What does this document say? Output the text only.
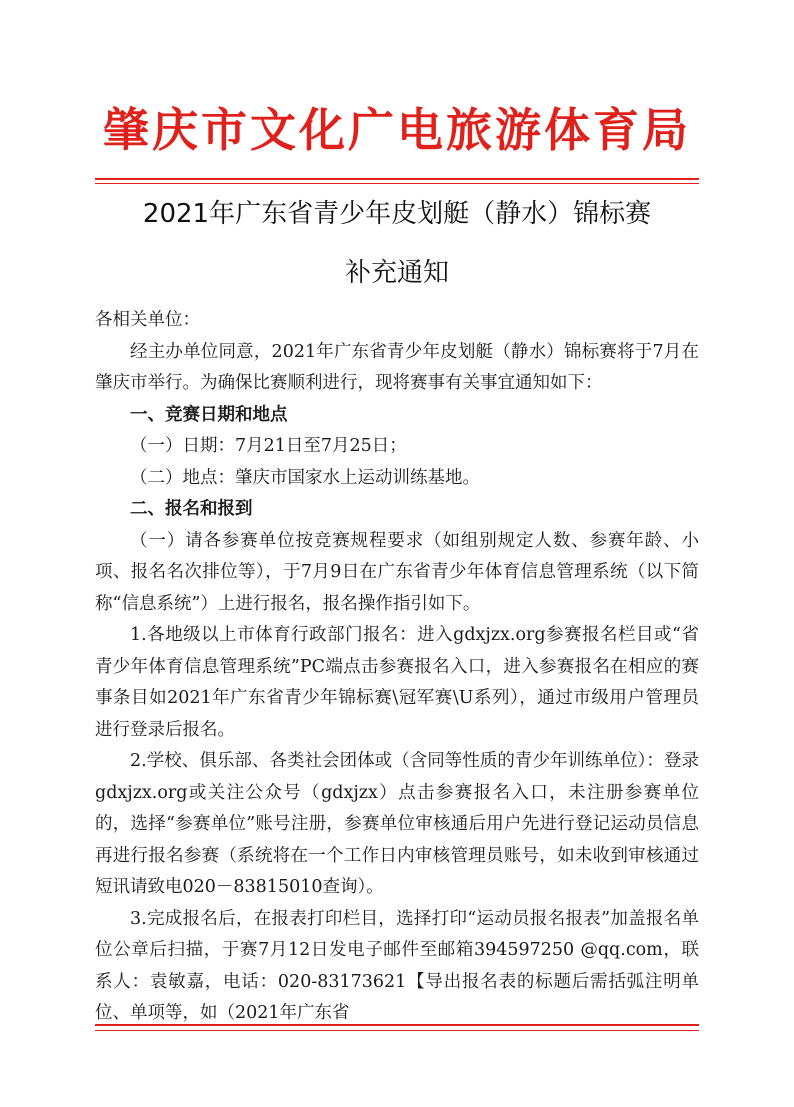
肇庆市文化广电旅游体育局
2021年广东省青少年皮划艇（静水）锦标赛
补充通知

各相关单位：

经主办单位同意，2021年广东省青少年皮划艇（静水）锦标赛将于7月在肇庆市举行。为确保比赛顺利进行，现将赛事有关事宜通知如下：

一、竞赛日期和地点

（一）日期：7月21日至7月25日；

（二）地点：肇庆市国家水上运动训练基地。

二、报名和报到

（一）请各参赛单位按竞赛规程要求（如组别规定人数、参赛年龄、小项、报名名次排位等），于7月9日在广东省青少年体育信息管理系统（以下简称“信息系统”）上进行报名，报名操作指引如下。

1.各地级以上市体育行政部门报名：进入gdxjzx.org参赛报名栏目或“省青少年体育信息管理系统”PC端点击参赛报名入口，进入参赛报名在相应的赛事条目如2021年广东省青少年锦标赛\冠军赛\U系列），通过市级用户管理员进行登录后报名。

2.学校、俱乐部、各类社会团体或（含同等性质的青少年训练单位）：登录gdxjzx.org或关注公众号（gdxjzx）点击参赛报名入口，未注册参赛单位的，选择“参赛单位”账号注册，参赛单位审核通后用户先进行登记运动员信息再进行报名参赛（系统将在一个工作日内审核管理员账号，如未收到审核通过短讯请致电020－83815010查询）。

3.完成报名后，在报表打印栏目，选择打印“运动员报名报表”加盖报名单位公章后扫描，于赛7月12日发电子邮件至邮箱394597250 @qq.com，联系人：袁敏嘉，电话：020-83173621【导出报名表的标题后需括弧注明单位、单项等，如（2021年广东省
